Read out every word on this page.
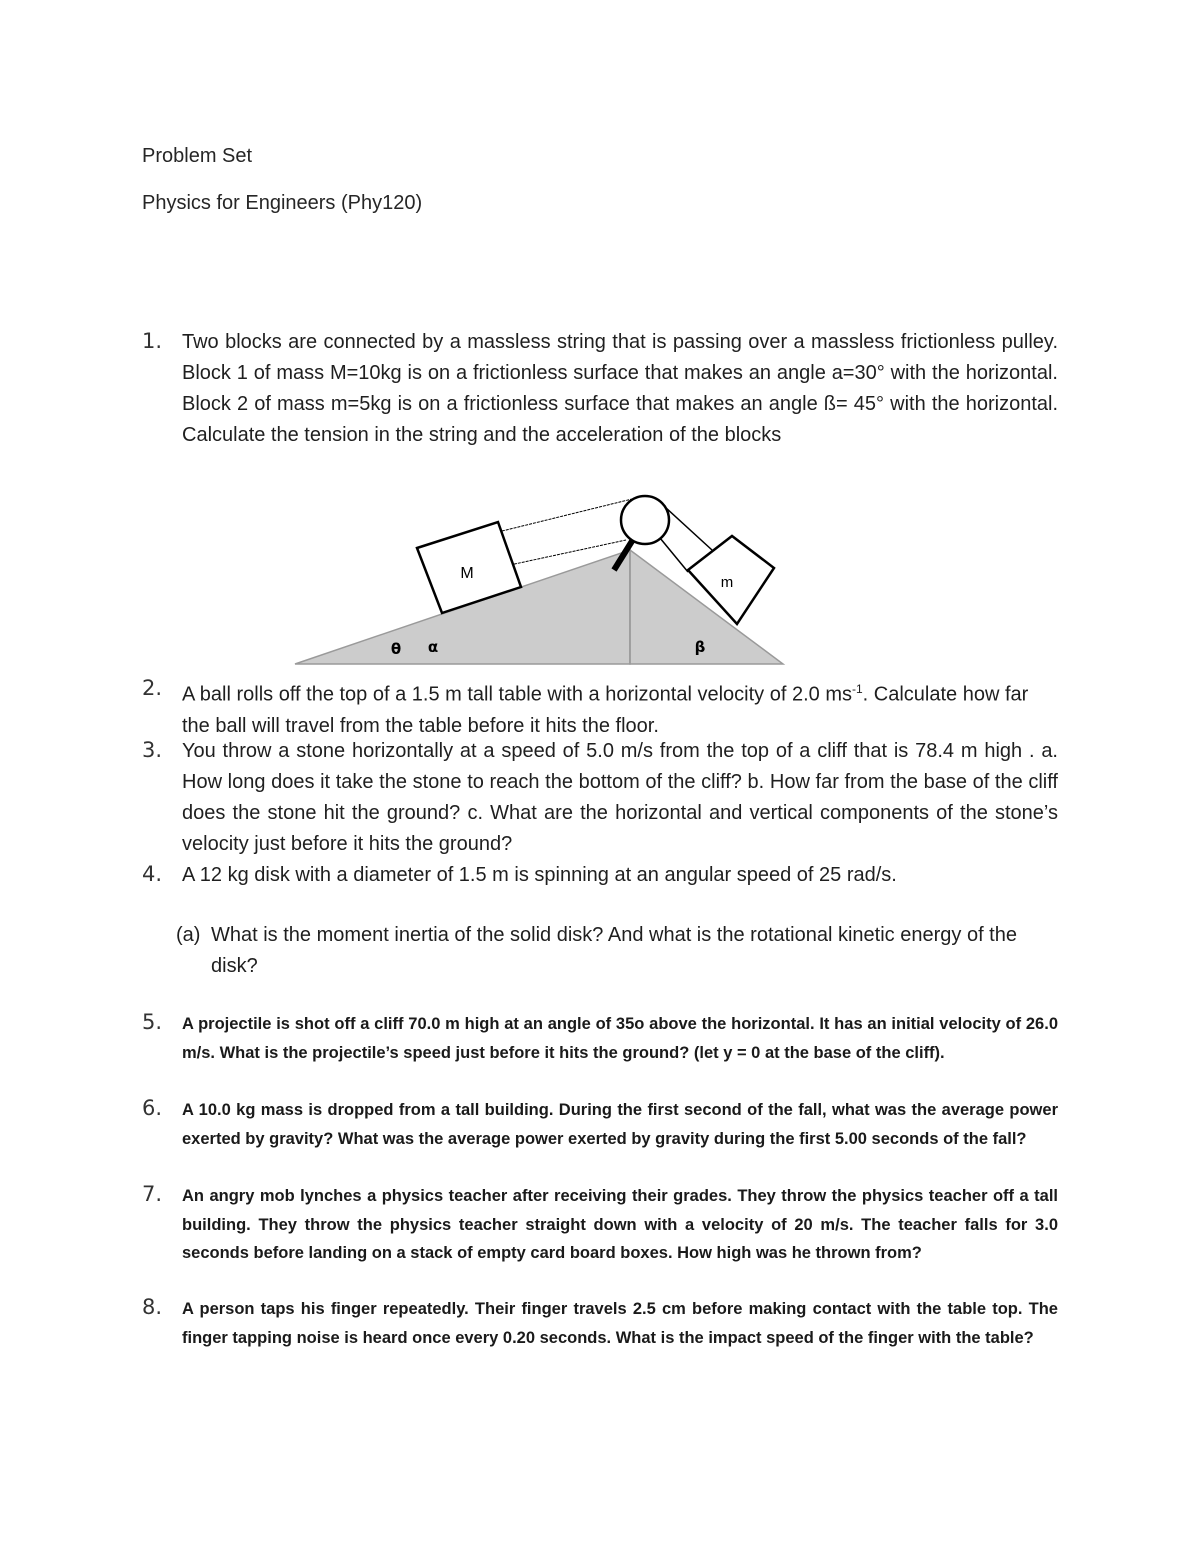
Problem Set
Physics for Engineers (Phy120)
1. Two blocks are connected by a massless string that is passing over a massless frictionless pulley. Block 1 of mass M=10kg is on a frictionless surface that makes an angle a=30° with the horizontal. Block 2 of mass m=5kg is on a frictionless surface that makes an angle ß= 45° with the horizontal. Calculate the tension in the string and the acceleration of the blocks
M
m
θ α	β
2. A ball rolls off the top of a 1.5 m tall table with a horizontal velocity of 2.0 $ms^{-1}$. Calculate how far the ball will travel from the table before it hits the floor.
3. You throw a stone horizontally at a speed of 5.0 m/s from the top of a cliff that is 78.4 m high . a. How long does it take the stone to reach the bottom of the cliff? b. How far from the base of the cliff does the stone hit the ground? c. What are the horizontal and vertical components of the stone’s velocity just before it hits the ground?
4. A 12 kg disk with a diameter of 1.5 m is spinning at an angular speed of 25 rad/s.
(a) What is the moment inertia of the solid disk? And what is the rotational kinetic energy of the disk?
5.	A projectile is shot off a cliff 70.0 m high at an angle of 35o above the horizontal. It has an initial velocity of 26.0 m/s. What is the projectile’s speed just before it hits the ground? (let y = 0 at the base of the cliff).
6.	A 10.0 kg mass is dropped from a tall building. During the first second of the fall, what was the average power exerted by gravity? What was the average power exerted by gravity during the first 5.00 seconds of the fall?
7.	An angry mob lynches a physics teacher after receiving their grades. They throw the physics teacher off a tall building. They throw the physics teacher straight down with a velocity of 20 m/s. The teacher falls for 3.0 seconds before landing on a stack of empty card board boxes. How high was he thrown from?
8.	A person taps his finger repeatedly. Their finger travels 2.5 cm before making contact with the table top. The finger tapping noise is heard once every 0.20 seconds. What is the impact speed of the finger with the table?
